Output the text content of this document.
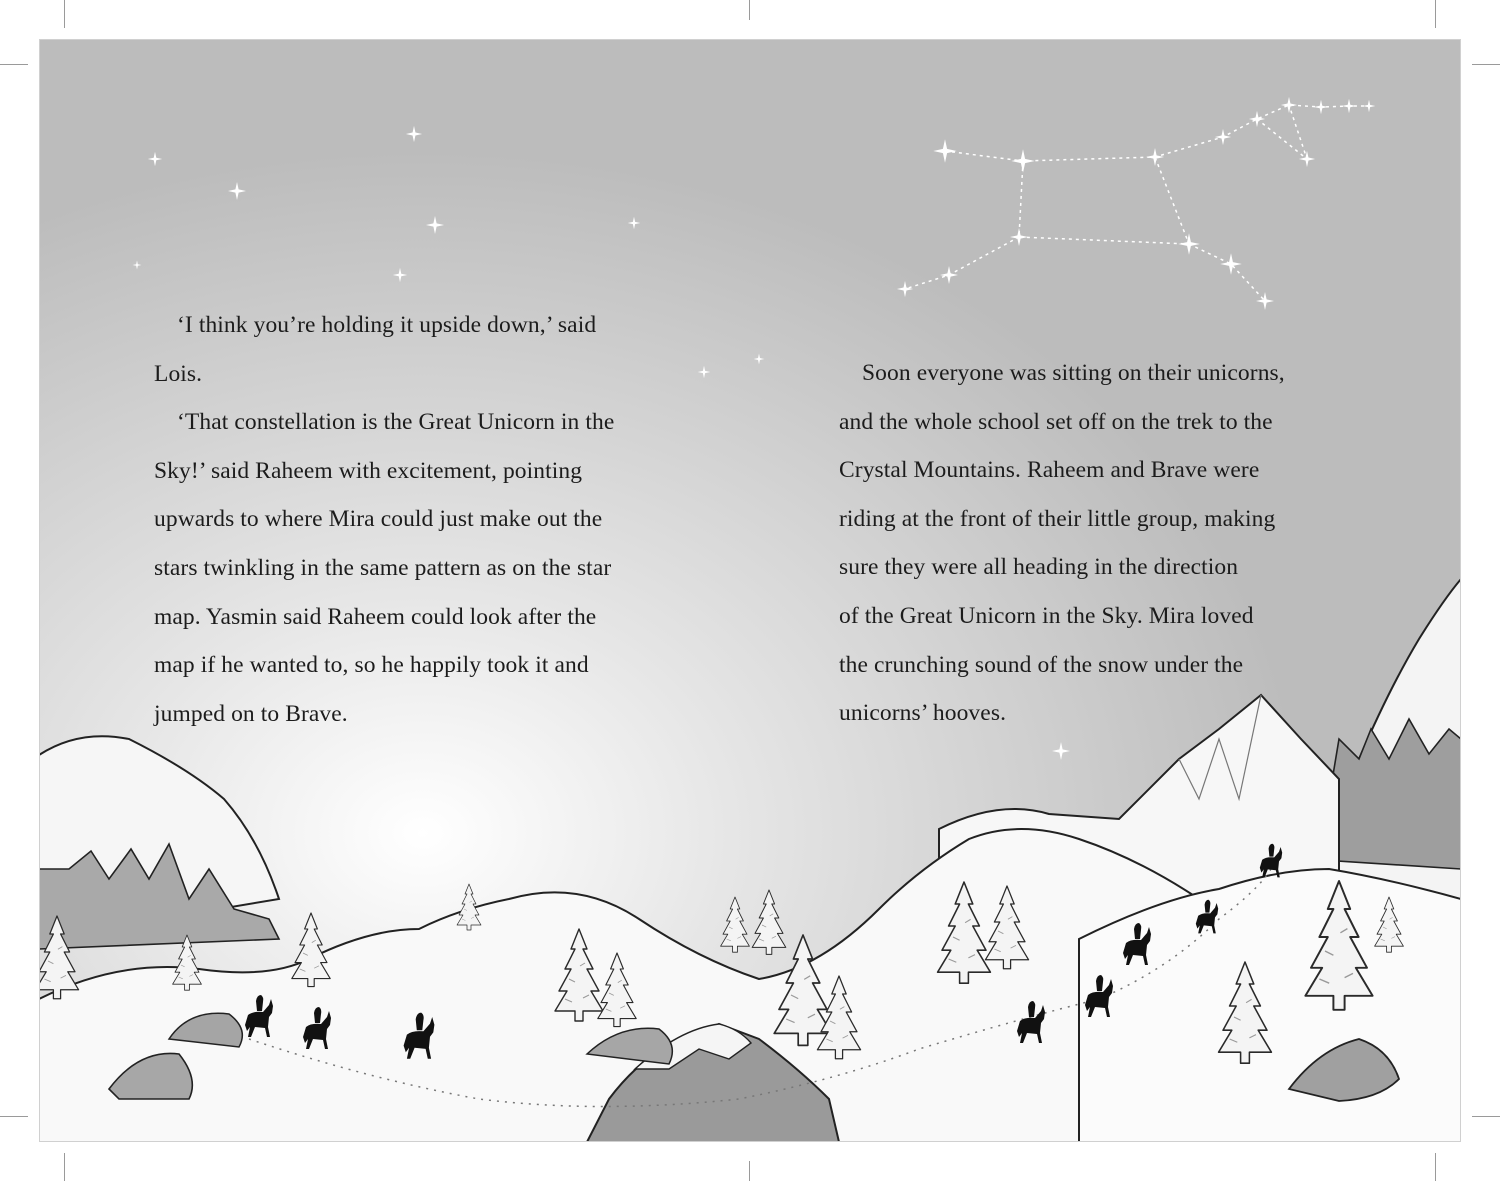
‘I think you’re holding it upside down,’ said

Lois.

‘That constellation is the Great Unicorn in the

Sky!’ said Raheem with excitement, pointing

upwards to where Mira could just make out the

stars twinkling in the same pattern as on the star

map. Yasmin said Raheem could look after the

map if he wanted to, so he happily took it and

jumped on to Brave.

Soon everyone was sitting on their unicorns,

and the whole school set off on the trek to the

Crystal Mountains. Raheem and Brave were

riding at the front of their little group, making

sure they were all heading in the direction

of the Great Unicorn in the Sky. Mira loved

the crunching sound of the snow under the

unicorns’ hooves.
